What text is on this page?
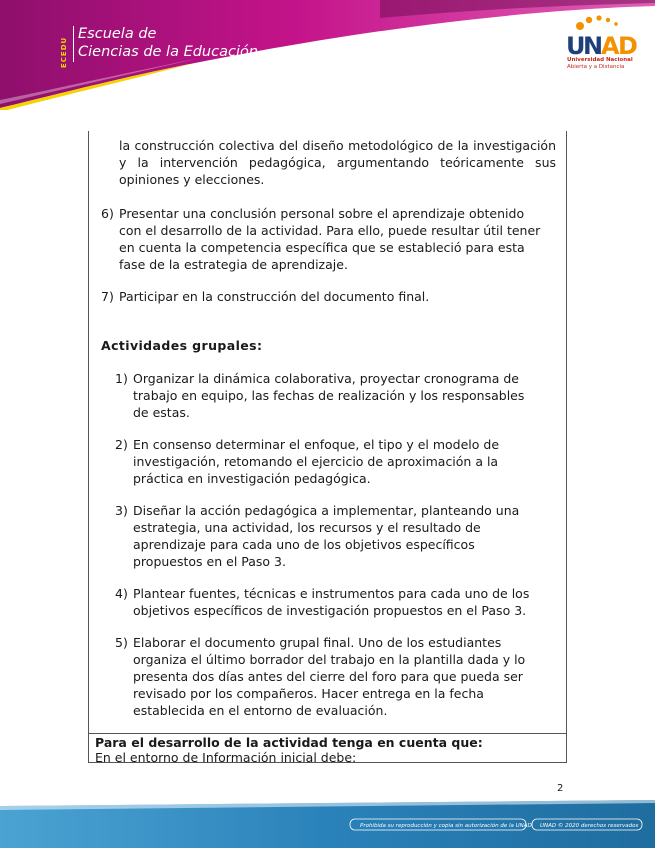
ECEDU
Escuela de
Ciencias de la Educación	U
N
A
D
Universidad Nacional
Abierta y a Distancia

la construcción colectiva del diseño metodológico de la investigación y la intervención pedagógica, argumentando teóricamente sus opiniones y elecciones.

6) Presentar una conclusión personal sobre el aprendizaje obtenido con el desarrollo de la actividad. Para ello, puede resultar útil tener en cuenta la competencia específica que se estableció para esta fase de la estrategia de aprendizaje.

7) Participar en la construcción del documento final.

Actividades grupales:
1) Organizar la dinámica colaborativa, proyectar cronograma de trabajo en equipo, las fechas de realización y los responsables de estas.

2) En consenso determinar el enfoque, el tipo y el modelo de investigación, retomando el ejercicio de aproximación a la práctica en investigación pedagógica.

3) Diseñar la acción pedagógica a implementar, planteando una estrategia, una actividad, los recursos y el resultado de aprendizaje para cada uno de los objetivos específicos propuestos en el Paso 3.

4) Plantear fuentes, técnicas e instrumentos para cada uno de los objetivos específicos de investigación propuestos en el Paso 3.

5) Elaborar el documento grupal final. Uno de los estudiantes organiza el último borrador del trabajo en la plantilla dada y lo presenta dos días antes del cierre del foro para que pueda ser revisado por los compañeros. Hacer entrega en la fecha establecida en el entorno de evaluación.

Para el desarrollo de la actividad tenga en cuenta que:
En el entorno de Información inicial debe:
2
Prohibida su reproducción y copia sin autorización de la UNAD. UNAD © 2020 derechos reservados
